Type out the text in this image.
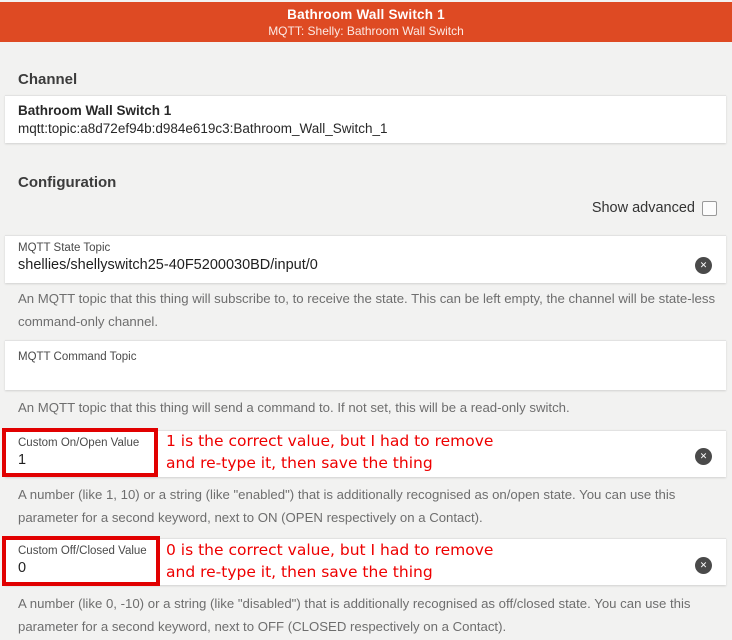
Bathroom Wall Switch 1
MQTT: Shelly: Bathroom Wall Switch
Channel
Bathroom Wall Switch 1
mqtt:topic:a8d72ef94b:d984e619c3:Bathroom_Wall_Switch_1
Configuration
Show advanced
MQTT State Topic
shellies/shellyswitch25-40F5200030BD/input/0	✕
An MQTT topic that this thing will subscribe to, to receive the state. This can be left empty, the channel will be state-less command-only channel.
MQTT Command Topic
An MQTT topic that this thing will send a command to. If not set, this will be a read-only switch.
Custom On/Open Value
1
1 is the correct value, but I had to remove
and re-type it, then save the thing	✕
A number (like 1, 10) or a string (like "enabled") that is additionally recognised as on/open state. You can use this parameter for a second keyword, next to ON (OPEN respectively on a Contact).
Custom Off/Closed Value
0
0 is the correct value, but I had to remove
and re-type it, then save the thing	✕
A number (like 0, -10) or a string (like "disabled") that is additionally recognised as off/closed state. You can use this parameter for a second keyword, next to OFF (CLOSED respectively on a Contact).
